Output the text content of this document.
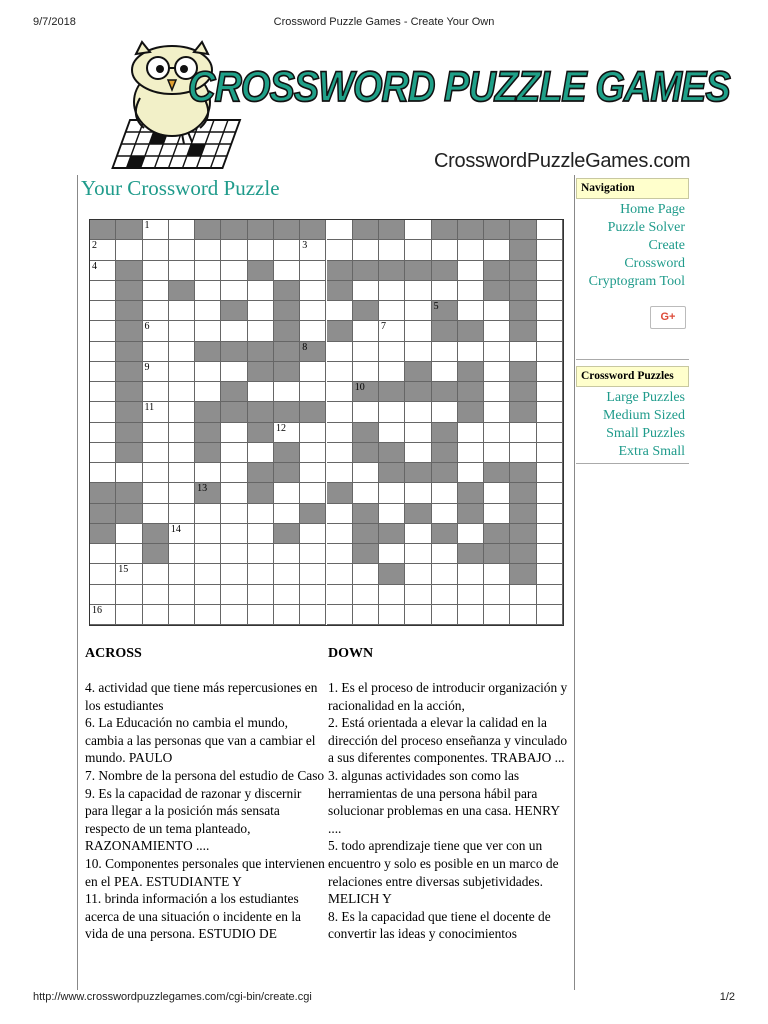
9/7/2018	Crossword Puzzle Games - Create Your Own
CROSSWORD PUZZLE GAMES
CrosswordPuzzleGames.com
Your Crossword Puzzle
1
2	3
4
5
6	7
8
9
10
11
12
13
14
15
16
ACROSS	DOWN

4. actividad que tiene más repercusiones en los estudiantes

6. La Educación no cambia el mundo, cambia a las personas que van a cambiar el mundo. PAULO

7. Nombre de la persona del estudio de Caso

9. Es la capacidad de razonar y discernir para llegar a la posición más sensata respecto de un tema planteado, RAZONAMIENTO ....

10. Componentes personales que intervienen en el PEA. ESTUDIANTE Y

11. brinda información a los estudiantes acerca de una situación o incidente en la vida de una persona. ESTUDIO DE

1. Es el proceso de introducir organización y racionalidad en la acción,

2. Está orientada a elevar la calidad en la dirección del proceso enseñanza y vinculado a sus diferentes componentes. TRABAJO ...

3. algunas actividades son como las herramientas de una persona hábil para solucionar problemas en una casa. HENRY ....

5. todo aprendizaje tiene que ver con un encuentro y solo es posible en un marco de relaciones entre diversas subjetividades. MELICH Y

8. Es la capacidad que tiene el docente de convertir las ideas y conocimientos

Navigation
Home Page
Puzzle Solver
Create
Crossword
Cryptogram Tool
Crossword Puzzles
Large Puzzles
Medium Sized
Small Puzzles
Extra Small
G+
http://www.crosswordpuzzlegames.com/cgi-bin/create.cgi	1/2
